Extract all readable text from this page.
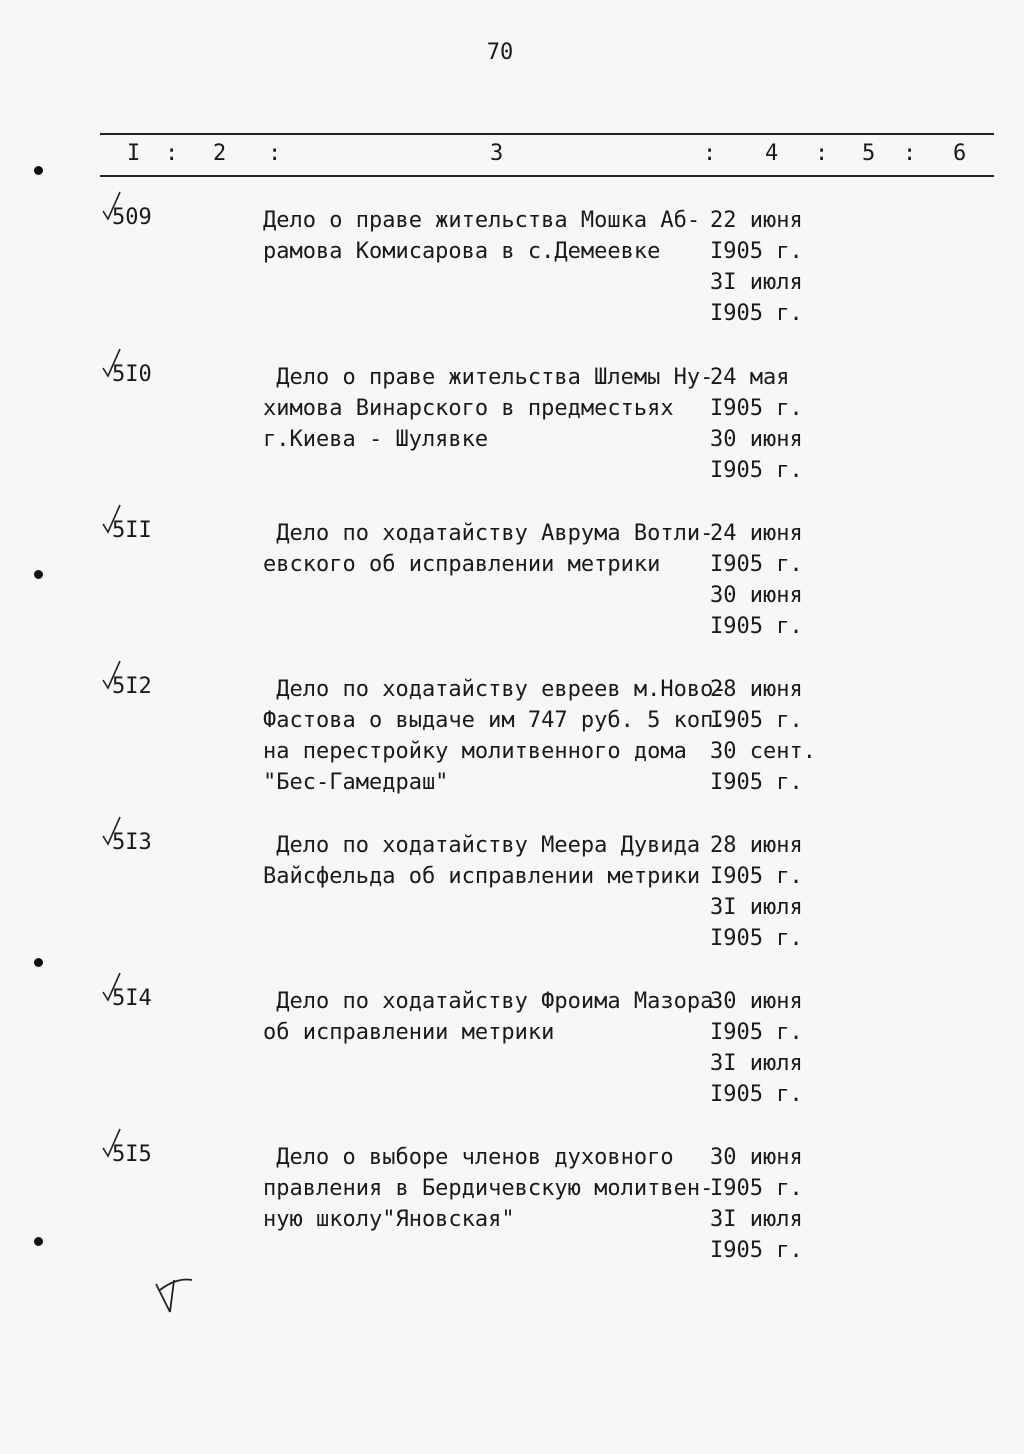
70
I : 2 :	3	: 4 : 5 : 6
509	Дело о праве жительства Мошка Аб-
рамова Комисарова в с.Демеевке
22 июня
I905 г.
3I июля
I905 г.
5I0	Дело о праве жительства Шлемы Ну-
химова Винарского в предместьях
г.Киева - Шулявке
24 мая
I905 г.
30 июня
I905 г.
5II	Дело по ходатайству Аврума Вотли-
евского об исправлении метрики
24 июня
I905 г.
30 июня
I905 г.
5I2	Дело по ходатайству евреев м.Ново-
Фастова о выдаче им 747 руб. 5 коп.
на перестройку молитвенного дома
"Бес-Гамедраш"
28 июня
I905 г.
30 сент.
I905 г.
5I3	Дело по ходатайству Меера Дувида
Вайсфельда об исправлении метрики
28 июня
I905 г.
3I июля
I905 г.
5I4	Дело по ходатайству Фроима Мазора
об исправлении метрики
30 июня
I905 г.
3I июля
I905 г.
5I5	Дело о выборе членов духовного
правления в Бердичевскую молитвен-
ную школу"Яновская"
30 июня
I905 г.
3I июля
I905 г.
